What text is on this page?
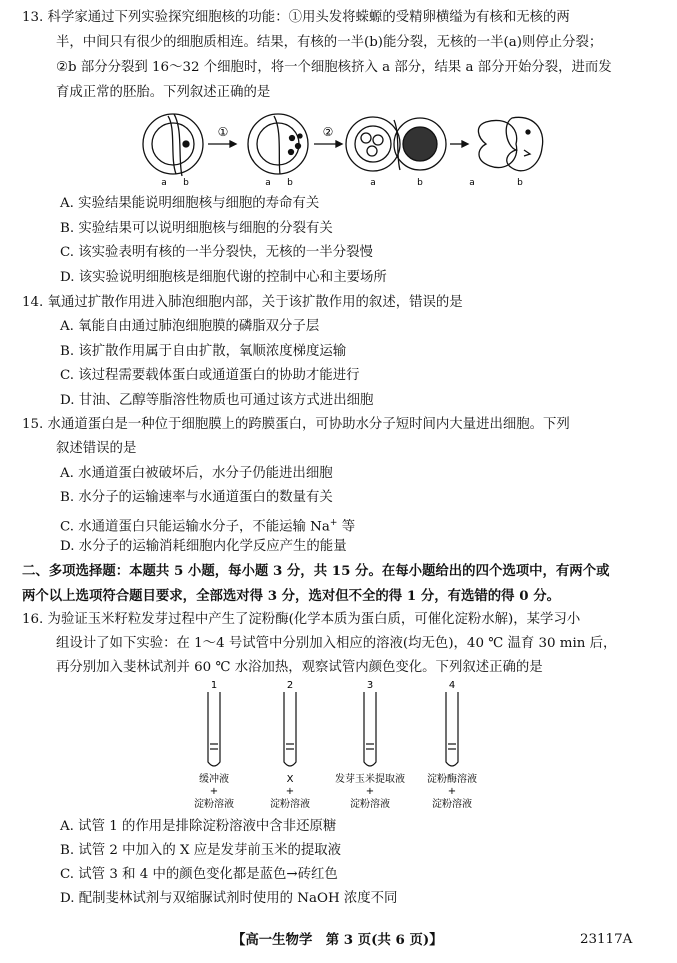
13. 科学家通过下列实验探究细胞核的功能：①用头发将蝾螈的受精卵横缢为有核和无核的两
半，中间只有很少的细胞质相连。结果，有核的一半(b)能分裂，无核的一半(a)则停止分裂；
②b 部分分裂到 16～32 个细胞时，将一个细胞核挤入 a 部分，结果 a 部分开始分裂，进而发
育成正常的胚胎。下列叙述正确的是
①	②
a b	a b	a	b	a	b
A. 实验结果能说明细胞核与细胞的寿命有关
B. 实验结果可以说明细胞核与细胞的分裂有关
C. 该实验表明有核的一半分裂快，无核的一半分裂慢
D. 该实验说明细胞核是细胞代谢的控制中心和主要场所
14. 氧通过扩散作用进入肺泡细胞内部，关于该扩散作用的叙述，错误的是
A. 氧能自由通过肺泡细胞膜的磷脂双分子层
B. 该扩散作用属于自由扩散，氧顺浓度梯度运输
C. 该过程需要载体蛋白或通道蛋白的协助才能进行
D. 甘油、乙醇等脂溶性物质也可通过该方式进出细胞
15. 水通道蛋白是一种位于细胞膜上的跨膜蛋白，可协助水分子短时间内大量进出细胞。下列
叙述错误的是
A. 水通道蛋白被破坏后，水分子仍能进出细胞
B. 水分子的运输速率与水通道蛋白的数量有关
C. 水通道蛋白只能运输水分子，不能运输 Na+ 等
D. 水分子的运输消耗细胞内化学反应产生的能量
二、多项选择题：本题共 5 小题，每小题 3 分，共 15 分。在每小题给出的四个选项中，有两个或
两个以上选项符合题目要求，全部选对得 3 分，选对但不全的得 1 分，有选错的得 0 分。
16. 为验证玉米籽粒发芽过程中产生了淀粉酶(化学本质为蛋白质，可催化淀粉水解)，某学习小
组设计了如下实验：在 1～4 号试管中分别加入相应的溶液(均无色)，40 ℃ 温育 30 min 后，
再分别加入斐林试剂并 60 ℃ 水浴加热，观察试管内颜色变化。下列叙述正确的是
1	2	3	4
缓冲液	X	发芽玉米提取液 淀粉酶溶液
+	+	+	+
淀粉溶液	淀粉溶液	淀粉溶液	淀粉溶液
A. 试管 1 的作用是排除淀粉溶液中含非还原糖
B. 试管 2 中加入的 X 应是发芽前玉米的提取液
C. 试管 3 和 4 中的颜色变化都是蓝色→砖红色
D. 配制斐林试剂与双缩脲试剂时使用的 NaOH 浓度不同
【高一生物学　第 3 页(共 6 页)】	23117A
